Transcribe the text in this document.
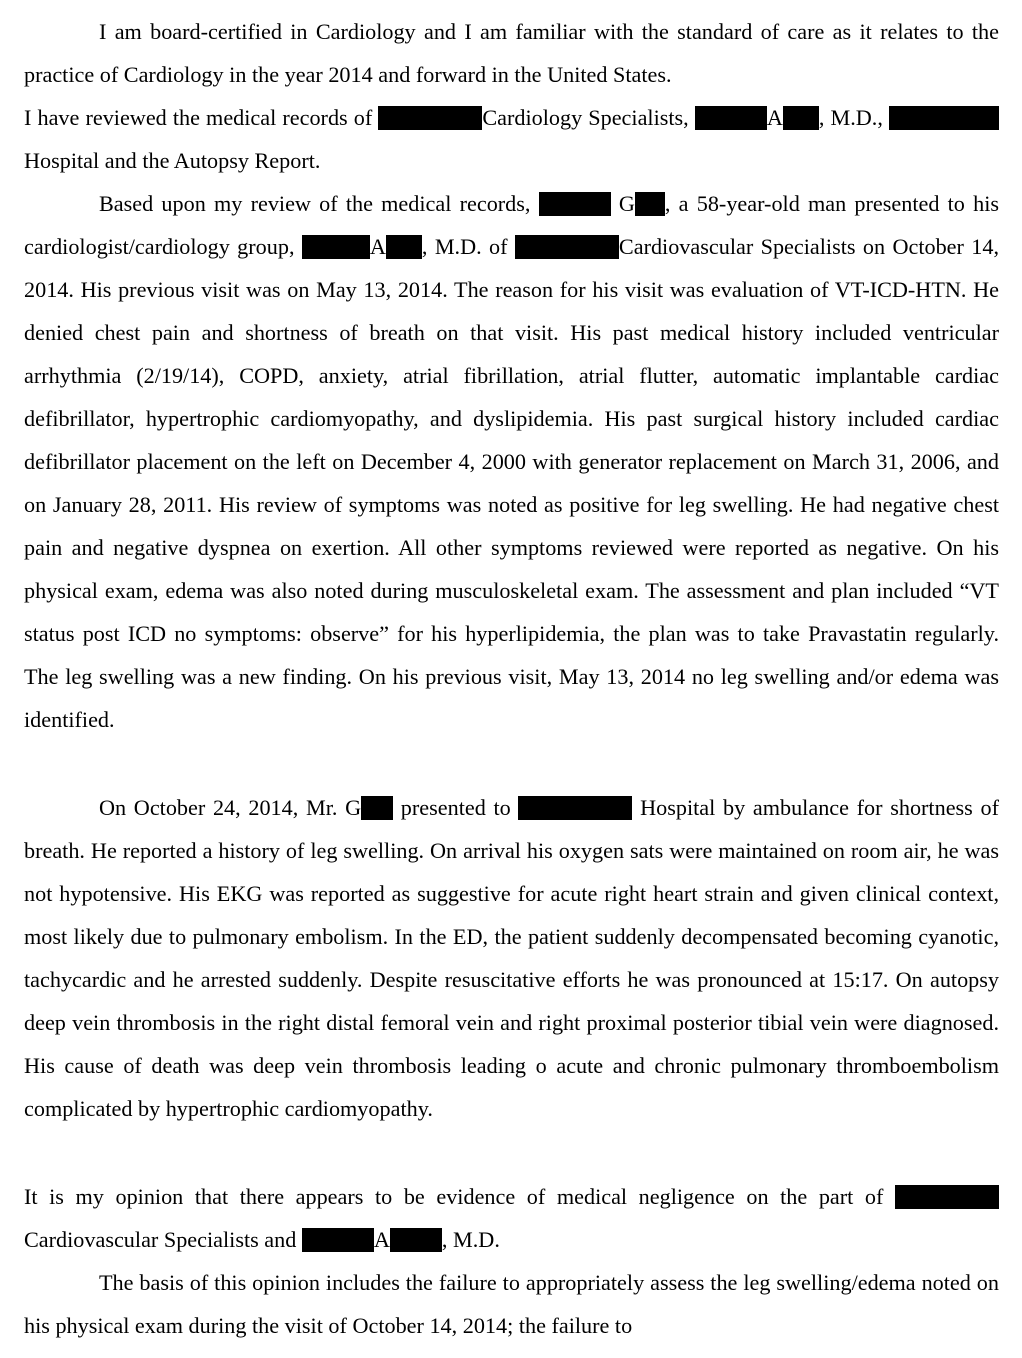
I am board-certified in Cardiology and I am familiar with the standard of care as it relates to the practice of Cardiology in the year 2014 and forward in the United States.

I have reviewed the medical records of	Cardiology Specialists,	A , M.D.,  Hospital and the Autopsy Report.

Based upon my review of the medical records,	G , a 58-year-old man presented to his cardiologist/cardiology group,	A , M.D. of	Cardiovascular Specialists on October 14, 2014. His previous visit was on May 13, 2014. The reason for his visit was evaluation of VT-ICD-HTN. He denied chest pain and shortness of breath on that visit. His past medical history included ventricular arrhythmia (2/19/14), COPD, anxiety, atrial fibrillation, atrial flutter, automatic implantable cardiac defibrillator, hypertrophic cardiomyopathy, and dyslipidemia. His past surgical history included cardiac defibrillator placement on the left on December 4, 2000 with generator replacement on March 31, 2006, and on January 28, 2011. His review of symptoms was noted as positive for leg swelling. He had negative chest pain and negative dyspnea on exertion. All other symptoms reviewed were reported as negative. On his physical exam, edema was also noted during musculoskeletal exam. The assessment and plan included “VT status post ICD no symptoms: observe” for his hyperlipidemia, the plan was to take Pravastatin regularly. The leg swelling was a new finding. On his previous visit, May 13, 2014 no leg swelling and/or edema was identified.

On October 24, 2014, Mr. G presented to	Hospital by ambulance for shortness of breath. He reported a history of leg swelling. On arrival his oxygen sats were maintained on room air, he was not hypotensive. His EKG was reported as suggestive for acute right heart strain and given clinical context, most likely due to pulmonary embolism. In the ED, the patient suddenly decompensated becoming cyanotic, tachycardic and he arrested suddenly. Despite resuscitative efforts he was pronounced at 15:17. On autopsy deep vein thrombosis in the right distal femoral vein and right proximal posterior tibial vein were diagnosed. His cause of death was deep vein thrombosis leading o acute and chronic pulmonary thromboembolism complicated by hypertrophic cardiomyopathy.

It is my opinion that there appears to be evidence of medical negligence on the part of  Cardiovascular Specialists and	A , M.D.

The basis of this opinion includes the failure to appropriately assess the leg swelling/edema noted on his physical exam during the visit of October 14, 2014; the failure to
